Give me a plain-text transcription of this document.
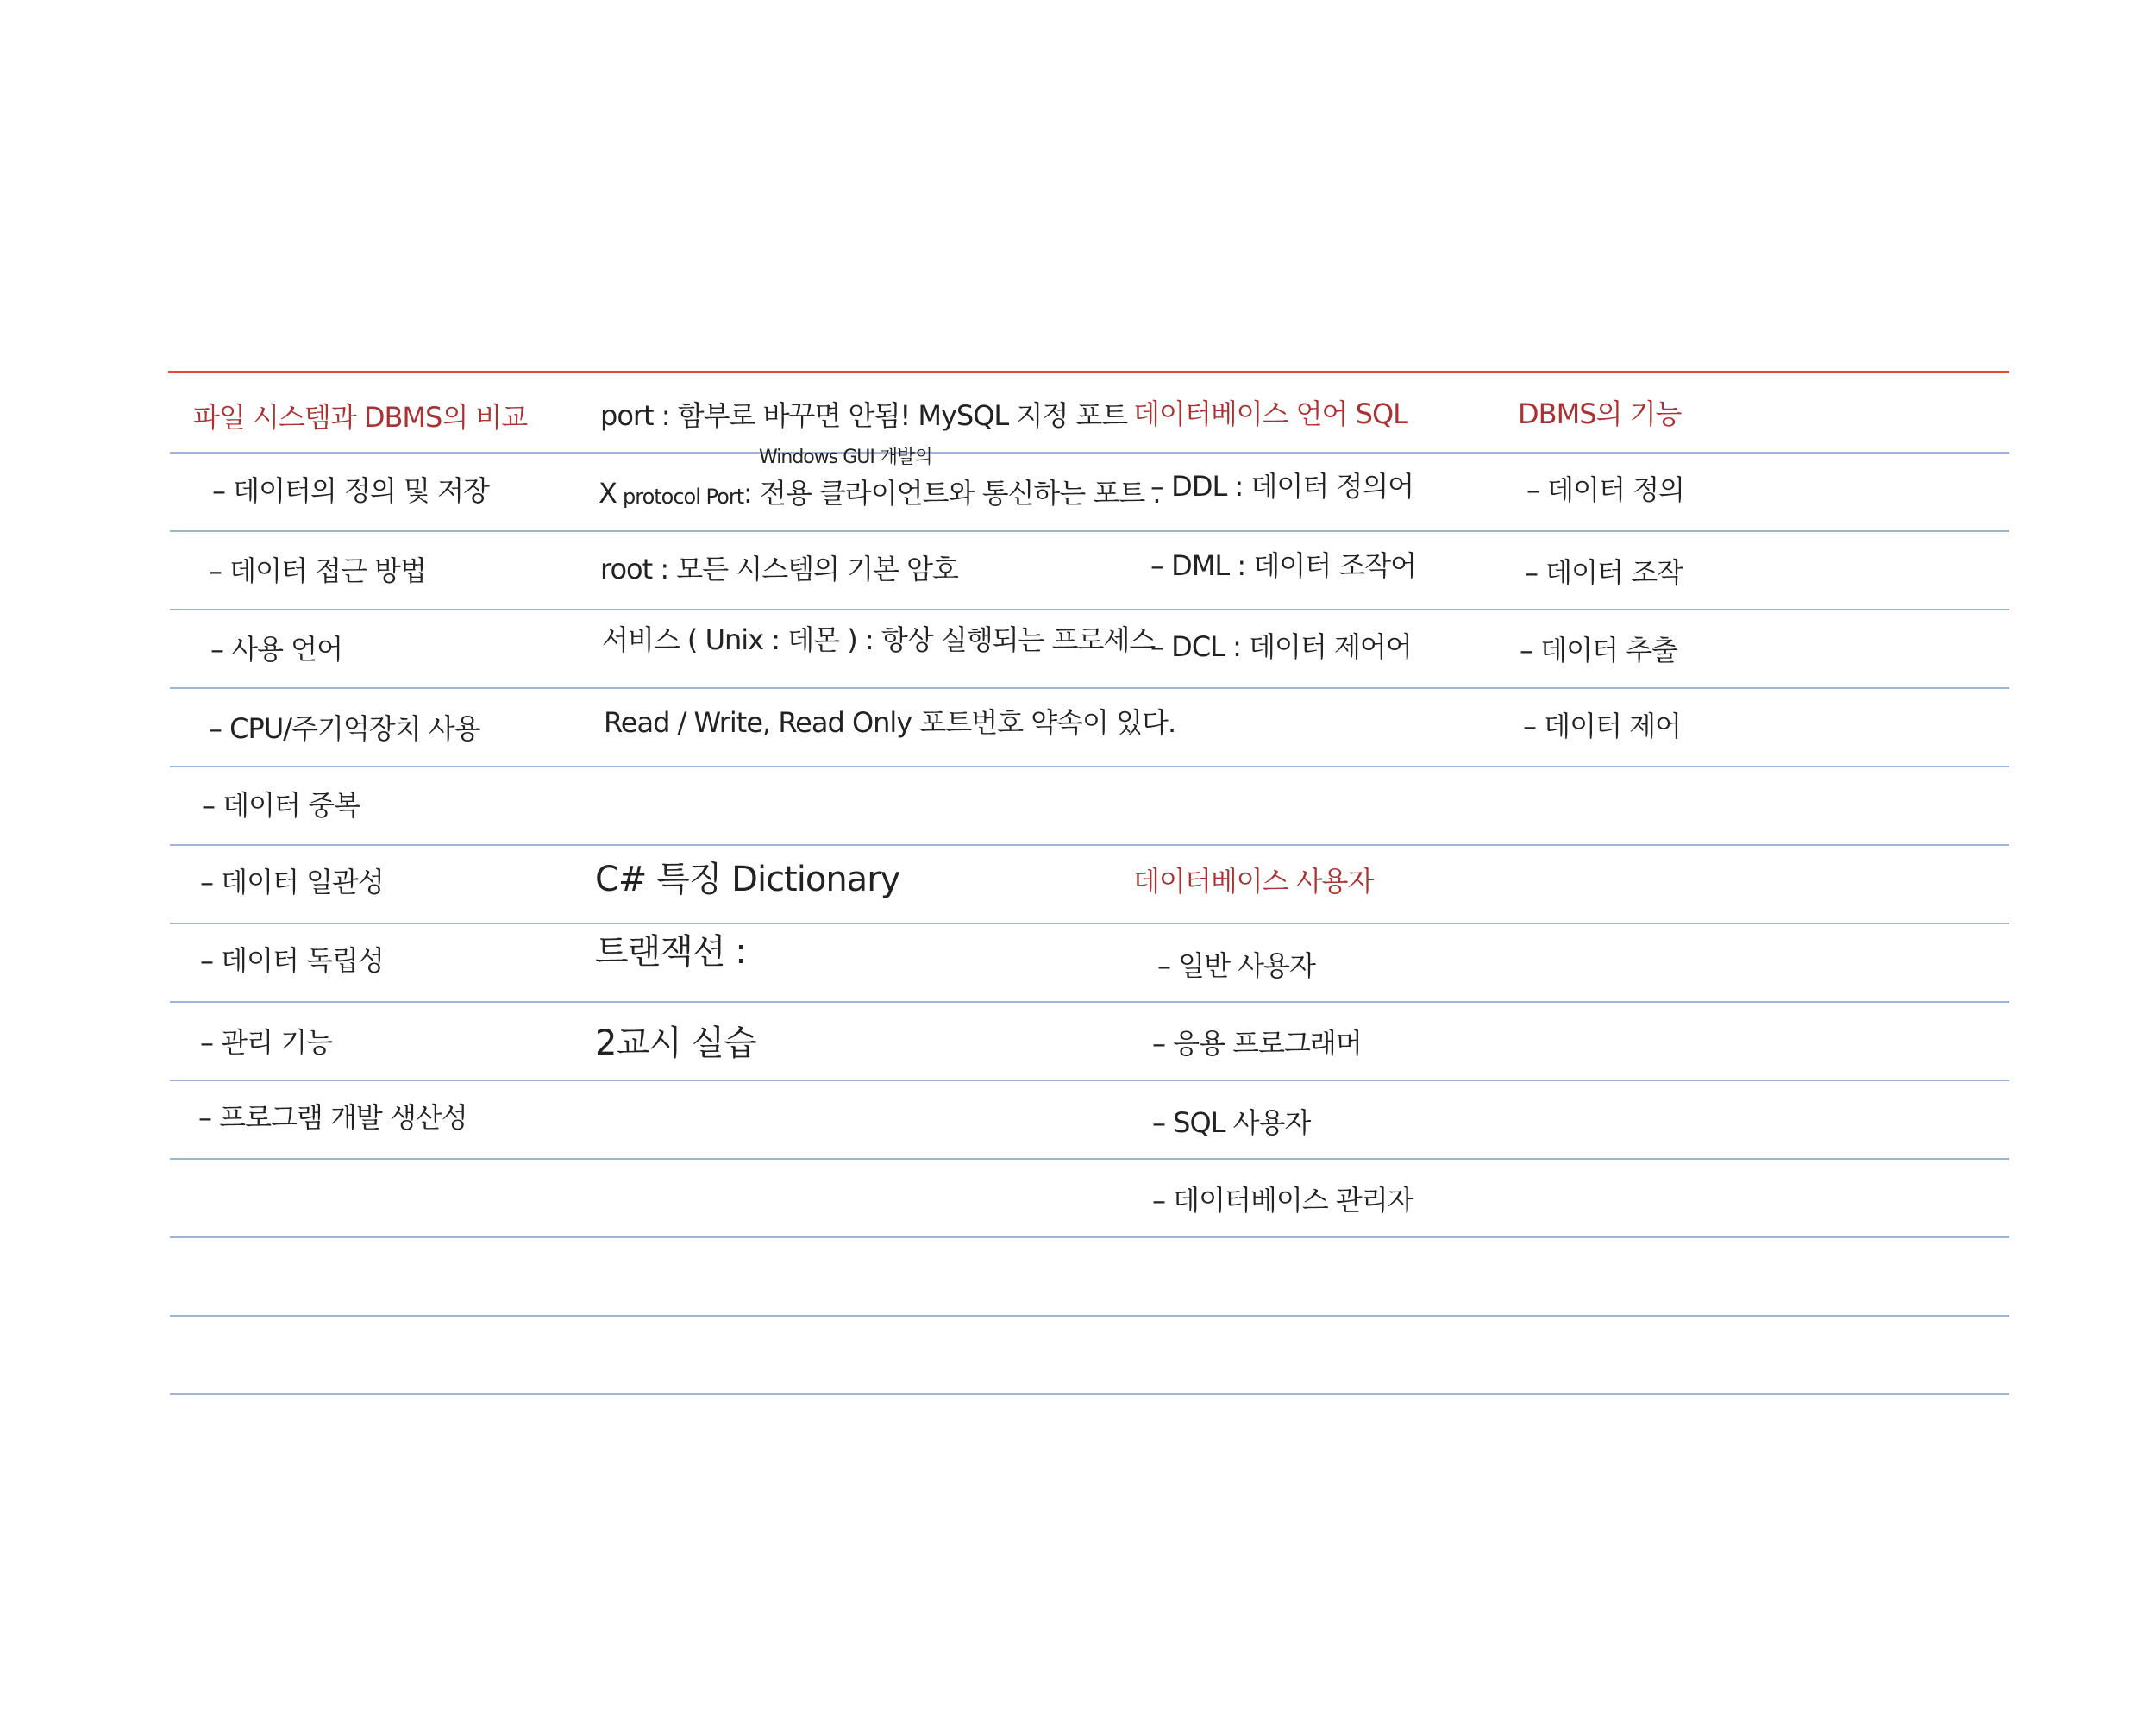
파일 시스템과 DBMS의 비교
– 데이터의 정의 및 저장
– 데이터 접근 방법
– 사용 언어
– CPU/주기억장치 사용
– 데이터 중복
– 데이터 일관성
– 데이터 독립성
– 관리 기능
– 프로그램 개발 생산성
port : 함부로 바꾸면 안됨! MySQL 지정 포트
Windows GUI 개발의
X protocol Port : 전용 클라이언트와 통신하는 포트 .
root : 모든 시스템의 기본 암호
서비스 ( Unix : 데몬 ) : 항상 실행되는 프로세스
Read / Write, Read Only 포트번호 약속이 있다.
C# 특징 Dictionary
트랜잭션 :
2교시 실습
데이터베이스 언어 SQL
– DDL : 데이터 정의어
– DML : 데이터 조작어
– DCL : 데이터 제어어
데이터베이스 사용자
– 일반 사용자
– 응용 프로그래머
– SQL 사용자
– 데이터베이스 관리자
DBMS의 기능
– 데이터 정의
– 데이터 조작
– 데이터 추출
– 데이터 제어
